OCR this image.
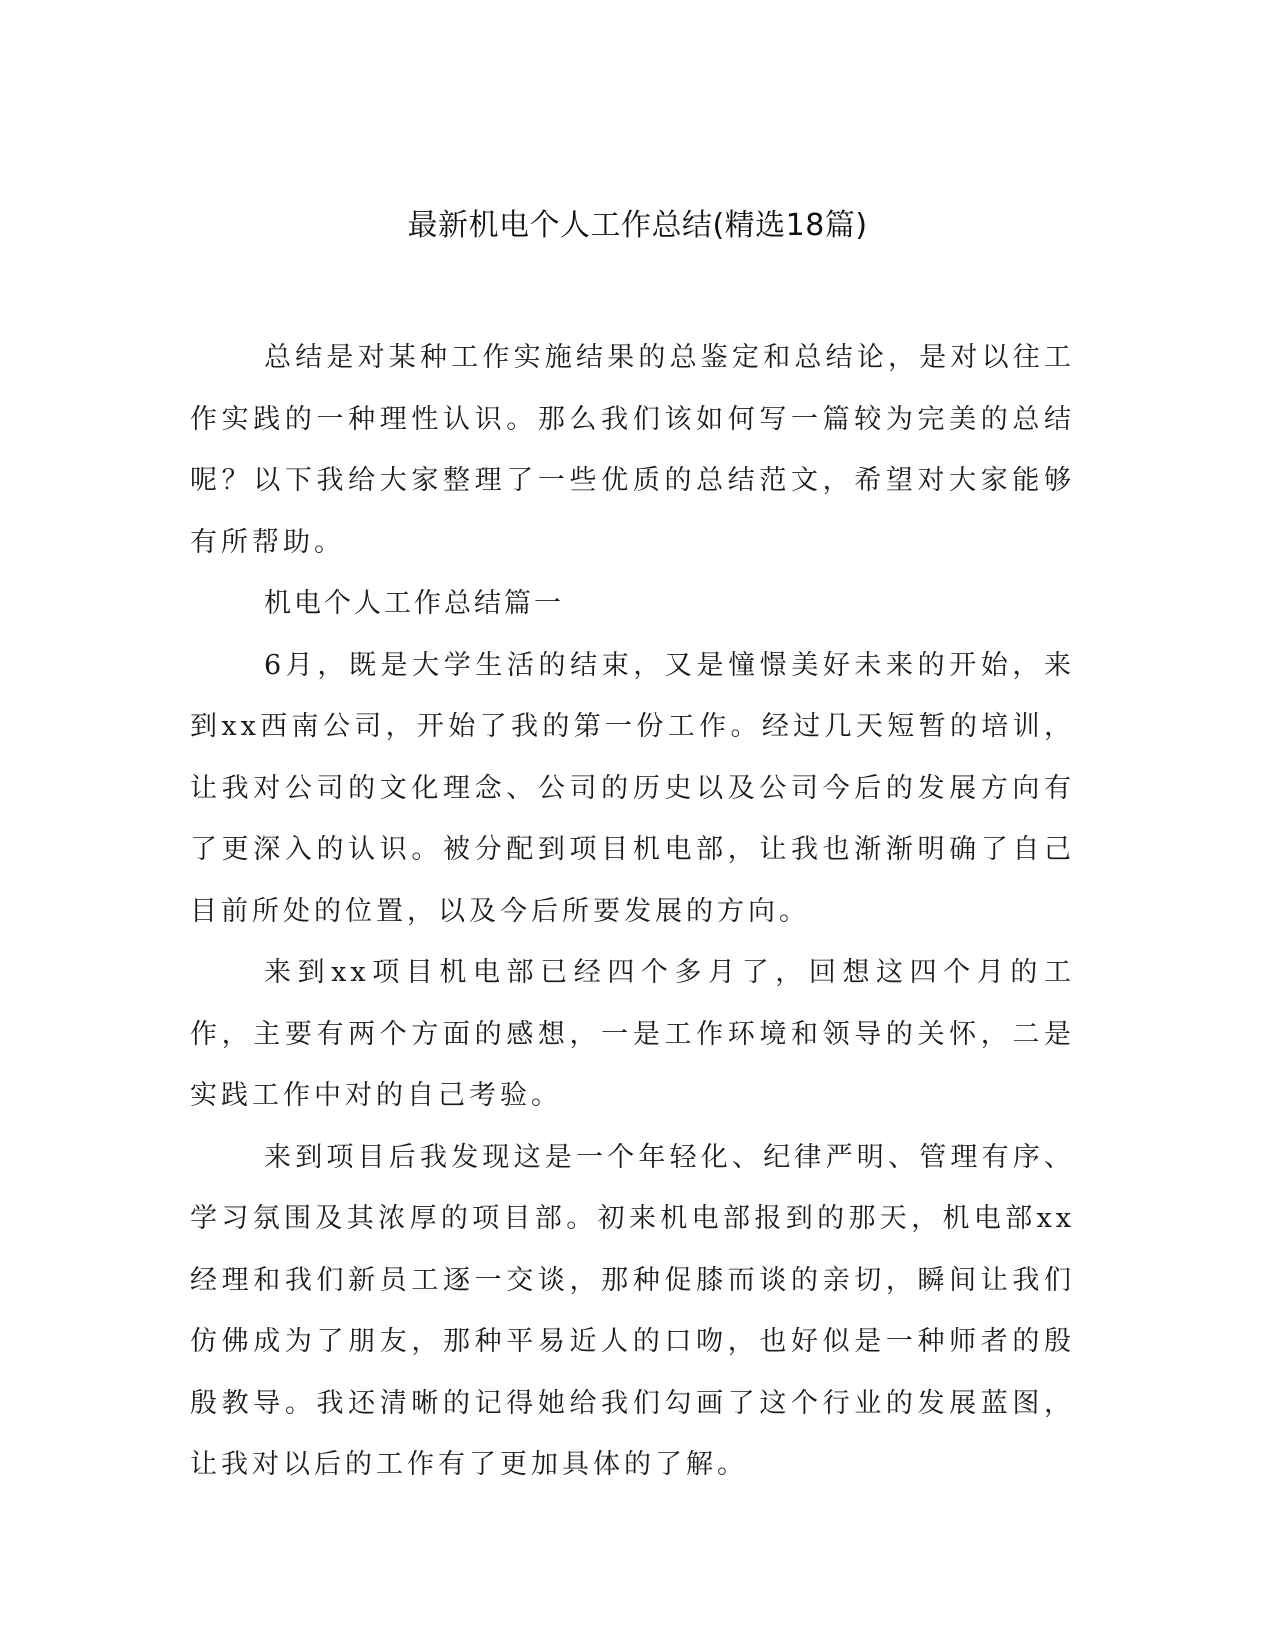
最新机电个人工作总结(精选18篇)

总结是对某种工作实施结果的总鉴定和总结论，是对以往工作实践的一种理性认识。那么我们该如何写一篇较为完美的总结呢？以下我给大家整理了一些优质的总结范文，希望对大家能够有所帮助。

机电个人工作总结篇一

6月，既是大学生活的结束，又是憧憬美好未来的开始，来到xx西南公司，开始了我的第一份工作。经过几天短暂的培训，让我对公司的文化理念、公司的历史以及公司今后的发展方向有了更深入的认识。被分配到项目机电部，让我也渐渐明确了自己目前所处的位置，以及今后所要发展的方向。

来到xx项目机电部已经四个多月了，回想这四个月的工作，主要有两个方面的感想，一是工作环境和领导的关怀，二是实践工作中对的自己考验。

来到项目后我发现这是一个年轻化、纪律严明、管理有序、学习氛围及其浓厚的项目部。初来机电部报到的那天，机电部xx经理和我们新员工逐一交谈，那种促膝而谈的亲切，瞬间让我们仿佛成为了朋友，那种平易近人的口吻，也好似是一种师者的殷殷教导。我还清晰的记得她给我们勾画了这个行业的发展蓝图，让我对以后的工作有了更加具体的了解。
